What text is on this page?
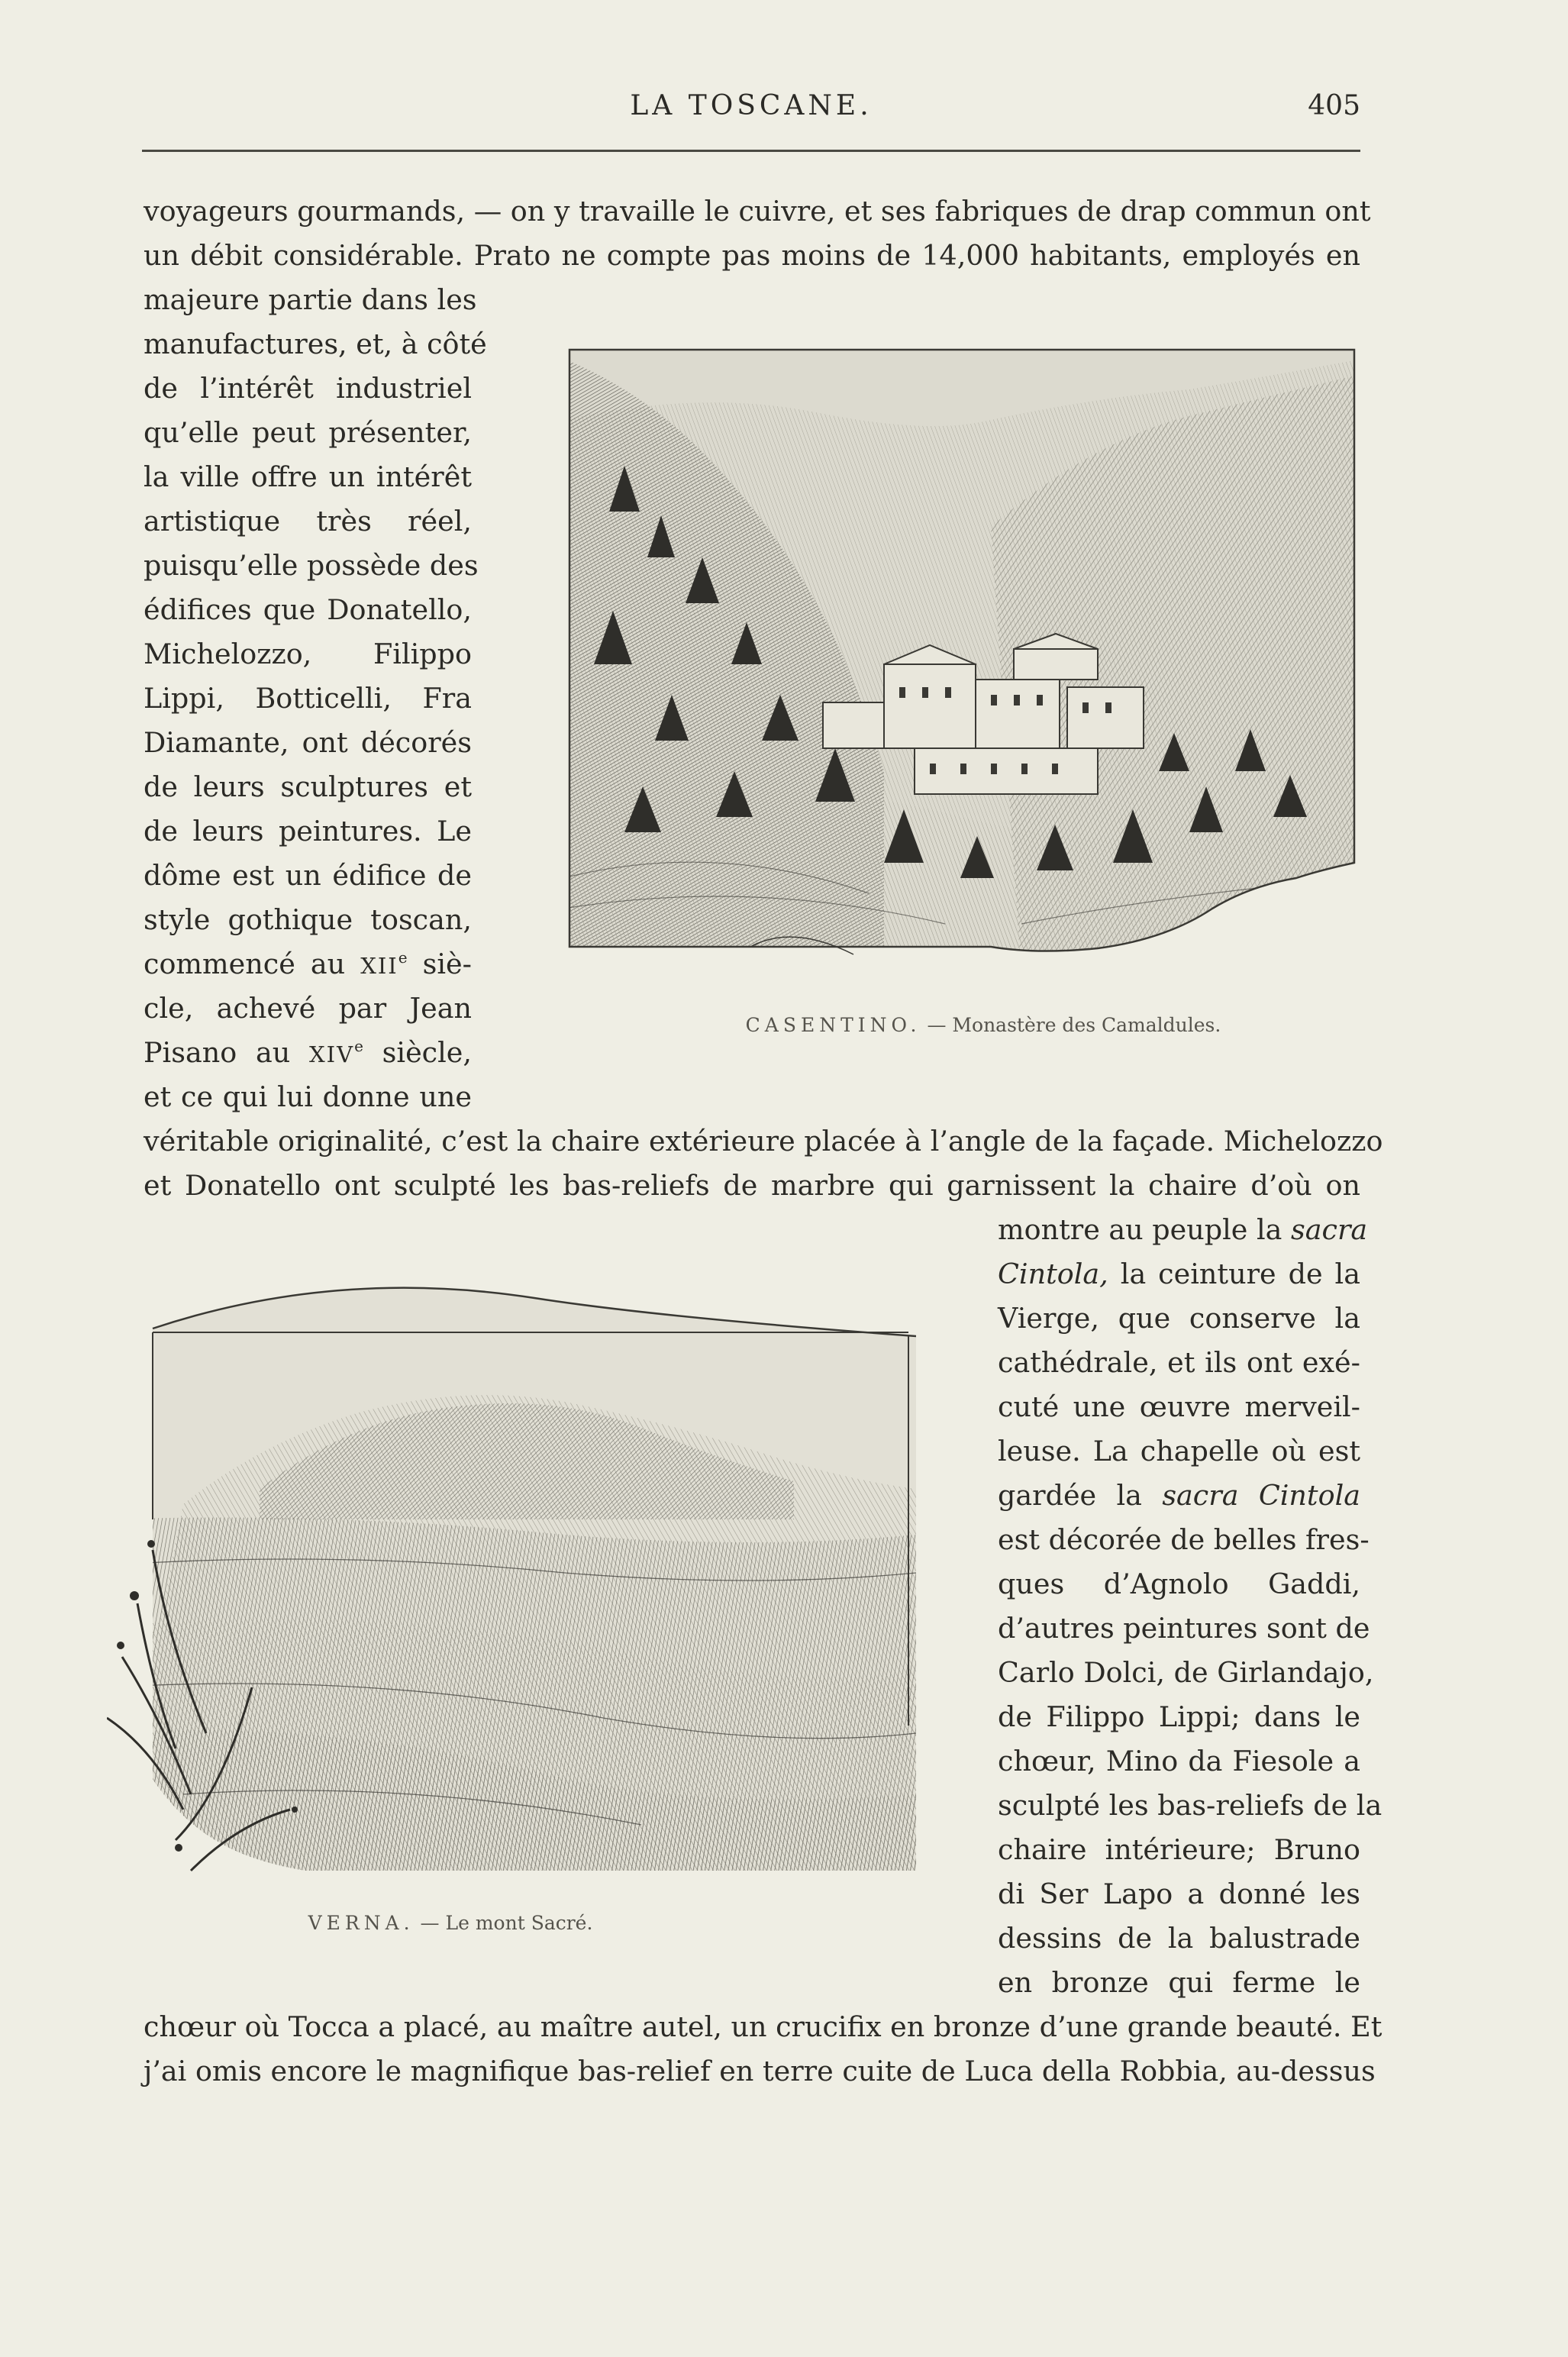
LA TOSCANE.	405
voyageurs gourmands, — on y travaille le cuivre, et ses fabriques de drap commun ont
un débit considérable. Prato ne compte pas moins de 14,000 habitants, employés en
majeure partie dans les
manufactures, et, à côté
de l’intérêt industriel
qu’elle peut présenter,
la ville offre un intérêt
artistique très réel,
puisqu’elle possède des
édifices que Donatello,
Michelozzo, Filippo
Lippi, Botticelli, Fra
Diamante, ont décorés
de leurs sculptures et
de leurs peintures. Le
dôme est un édifice de
style gothique toscan,
commencé au XIIe siè-
cle, achevé par Jean
Pisano au XIVe siècle,
et ce qui lui donne une
véritable originalité, c’est la chaire extérieure placée à l’angle de la façade. Michelozzo
et Donatello ont sculpté les bas-reliefs de marbre qui garnissent la chaire d’où on
montre au peuple la sacra
Cintola, la ceinture de la
Vierge, que conserve la
cathédrale, et ils ont exé-
cuté une œuvre merveil-
leuse. La chapelle où est
gardée la sacra Cintola
est décorée de belles fres-
ques d’Agnolo Gaddi,
d’autres peintures sont de
Carlo Dolci, de Girlandajo,
de Filippo Lippi; dans le
chœur, Mino da Fiesole a
sculpté les bas-reliefs de la
chaire intérieure; Bruno
di Ser Lapo a donné les
dessins de la balustrade
en bronze qui ferme le
chœur où Tocca a placé, au maître autel, un crucifix en bronze d’une grande beauté. Et
j’ai omis encore le magnifique bas-relief en terre cuite de Luca della Robbia, au-dessus
CASENTINO. — Monastère des Camaldules.
VERNA. — Le mont Sacré.
